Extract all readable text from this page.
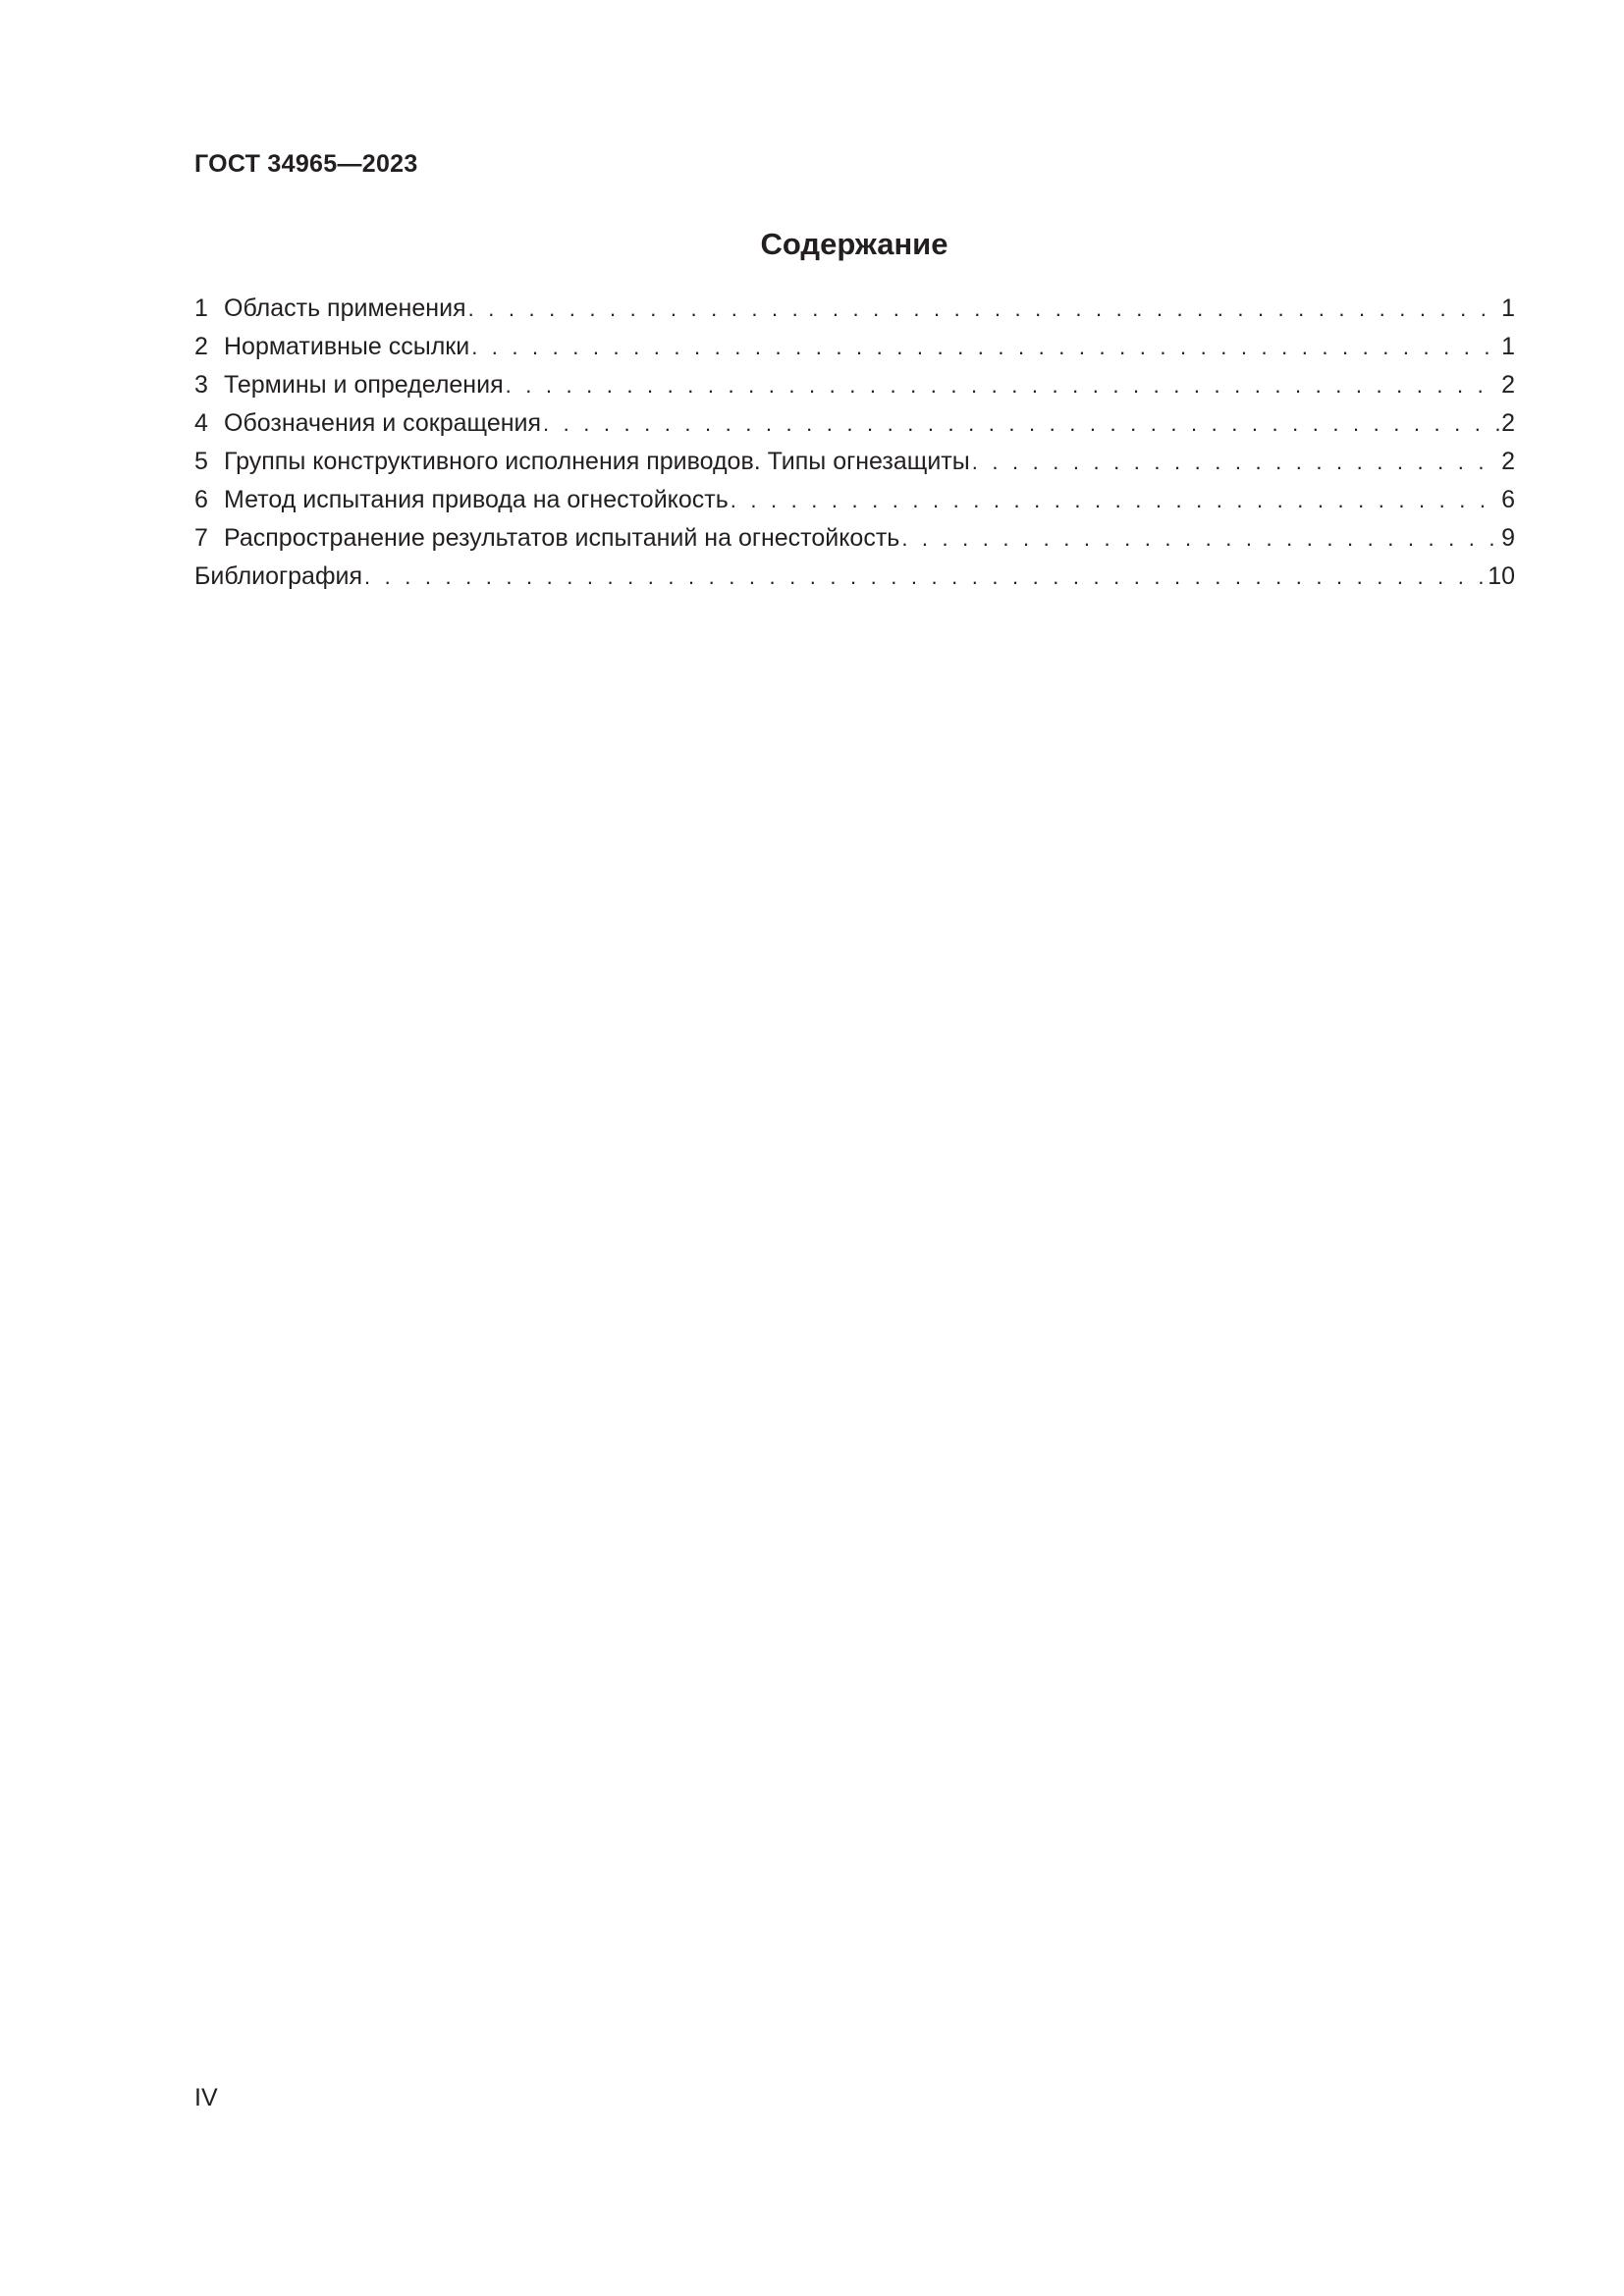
ГОСТ 34965—2023
Содержание
1 Область применения . . .	1
2 Нормативные ссылки . . .	1
3 Термины и определения . . .	2
4 Обозначения и сокращения . . .	2
5 Группы конструктивного исполнения приводов. Типы огнезащиты . . .	2
6 Метод испытания привода на огнестойкость . . .	6
7 Распространение результатов испытаний на огнестойкость . . .	9
Библиография . . .	10
IV
